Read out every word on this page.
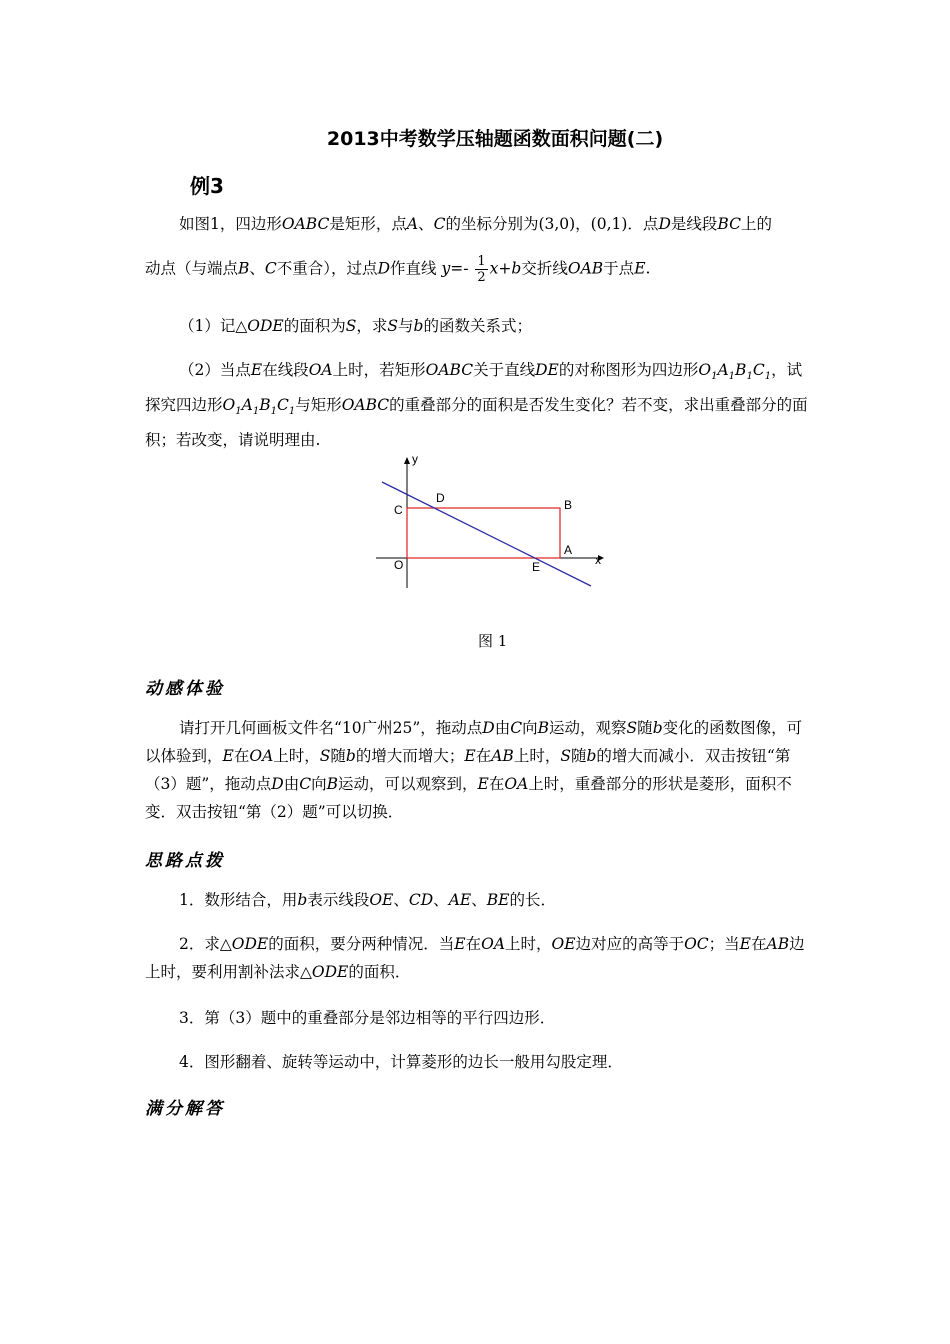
2013中考数学压轴题函数面积问题(二)
例3
如图1，四边形OABC是矩形，点A、C的坐标分别为(3,0)，(0,1)．点D是线段BC上的
动点（与端点B、C不重合），过点D作直线 $y=- \frac{1}{2} x+b$交折线OAB于点E.
（1）记△ODE的面积为S，求S与b的函数关系式；
（2）当点E在线段OA上时，若矩形OABC关于直线DE的对称图形为四边形$O_1A_1B_1C_1$，试探究四边形$O_1A_1B_1C_1$与矩形OABC的重叠部分的面积是否发生变化？若不变，求出重叠部分的面积；若改变，请说明理由.
y
x
O
A
B
C
D
E
图 1
动感体验
请打开几何画板文件名“10广州25”，拖动点D由C向B运动，观察S随b变化的函数图像，可以体验到，E在OA上时，S随b的增大而增大；E在AB上时，S随b的增大而减小．双击按钮“第（3）题”，拖动点D由C向B运动，可以观察到，E在OA上时，重叠部分的形状是菱形，面积不变．双击按钮“第（2）题”可以切换．
思路点拨
1．数形结合，用b表示线段OE、CD、AE、BE的长．
2．求△ODE的面积，要分两种情况．当E在OA上时，OE边对应的高等于OC；当E在AB边上时，要利用割补法求△ODE的面积．
3．第（3）题中的重叠部分是邻边相等的平行四边形．
4．图形翻着、旋转等运动中，计算菱形的边长一般用勾股定理．
满分解答
